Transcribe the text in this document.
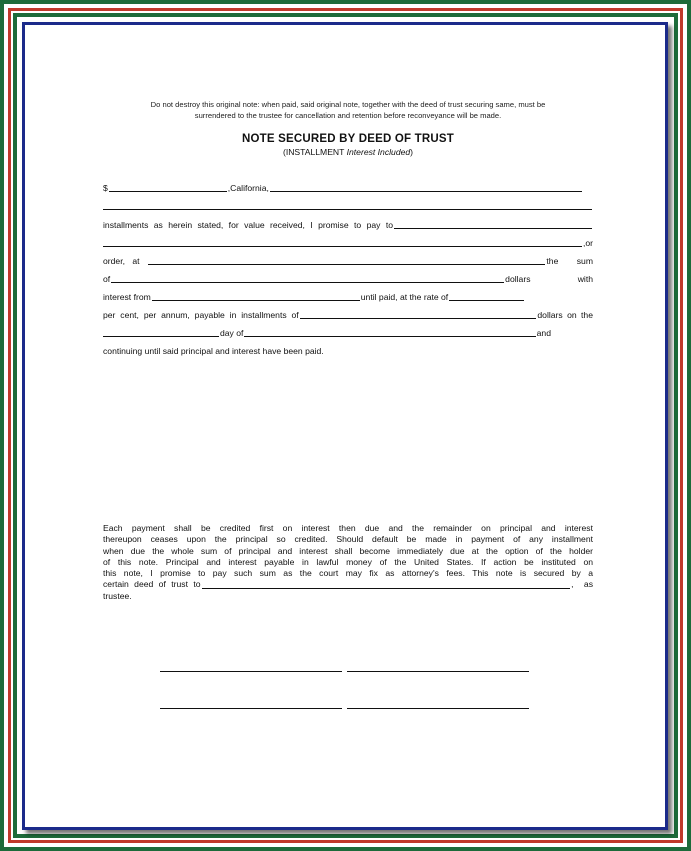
Do not destroy this original note: when paid, said original note, together with the deed of trust securing same, must be
surrendered to the trustee for cancellation and retention before reconveyance will be made.
NOTE SECURED BY DEED OF TRUST
(INSTALLMENT Interest Included)
$	,California,
installments as herein stated, for value received, I promise to pay to
,or
order, at	the sum
of	dollars	with
interest from	until paid, at the rate of
per cent, per annum, payable in installments of	dollars on the
day of	and
continuing until said principal and interest have been paid.
Each payment shall be credited first on interest then due and the remainder on principal and interest
thereupon ceases upon the principal so credited. Should default be made in payment of any installment
when due the whole sum of principal and interest shall become immediately due at the option of the holder
of this note. Principal and interest payable in lawful money of the United States. If action be instituted on
this note, I promise to pay such sum as the court may fix as attorney's fees. This note is secured by a
certain deed of trust to	, as
trustee.
